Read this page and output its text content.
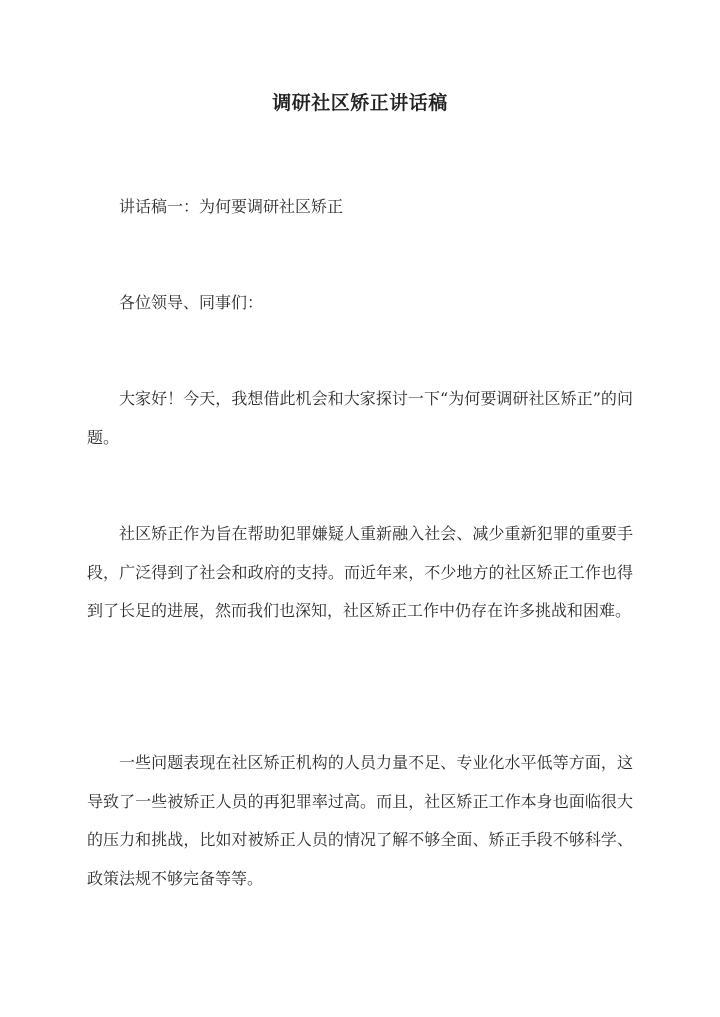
调研社区矫正讲话稿
讲话稿一：为何要调研社区矫正
各位领导、同事们：
大家好！今天，我想借此机会和大家探讨一下“为何要调研社区矫正”的问题。
社区矫正作为旨在帮助犯罪嫌疑人重新融入社会、减少重新犯罪的重要手段，广泛得到了社会和政府的支持。而近年来，不少地方的社区矫正工作也得到了长足的进展，然而我们也深知，社区矫正工作中仍存在许多挑战和困难。
一些问题表现在社区矫正机构的人员力量不足、专业化水平低等方面，这导致了一些被矫正人员的再犯罪率过高。而且，社区矫正工作本身也面临很大的压力和挑战，比如对被矫正人员的情况了解不够全面、矫正手段不够科学、政策法规不够完备等等。
